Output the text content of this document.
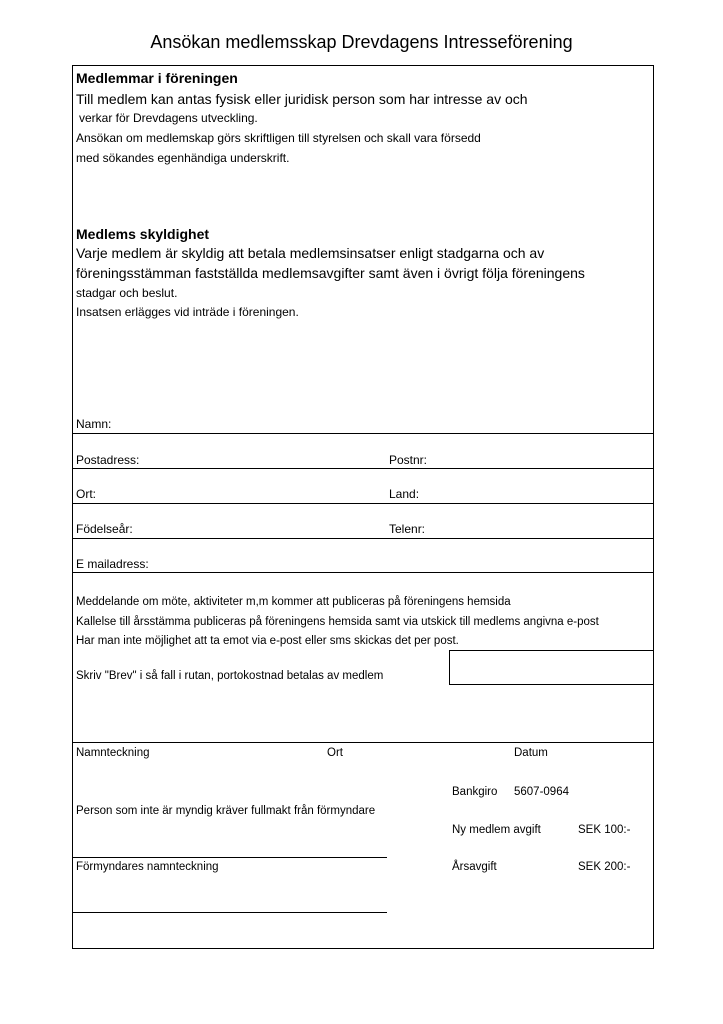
Ansökan medlemsskap Drevdagens Intresseförening
Medlemmar i föreningen
Till medlem kan antas fysisk eller juridisk person som har intresse av och
verkar för Drevdagens utveckling.
Ansökan om medlemskap görs skriftligen till styrelsen och skall vara försedd
med sökandes egenhändiga underskrift.
Medlems skyldighet
Varje medlem är skyldig att betala medlemsinsatser enligt stadgarna och av
föreningsstämman fastställda medlemsavgifter samt även i övrigt följa föreningens
stadgar och beslut.
Insatsen erlägges vid inträde i föreningen.
Namn:
Postadress:	Postnr:
Ort:	Land:
Födelseår:	Telenr:
E mailadress:
Meddelande om möte, aktiviteter m,m kommer att publiceras på föreningens hemsida
Kallelse till årsstämma publiceras på föreningens hemsida samt via utskick till medlems angivna e-post
Har man inte möjlighet att ta emot via e-post eller sms skickas det per post.
Skriv "Brev" i så fall i rutan, portokostnad betalas av medlem
Namnteckning	Ort	Datum
Bankgiro 5607-0964
Person som inte är myndig kräver fullmakt från förmyndare
Ny medlem avgift	SEK 100:-
Förmyndares namnteckning	Årsavgift	SEK 200:-
